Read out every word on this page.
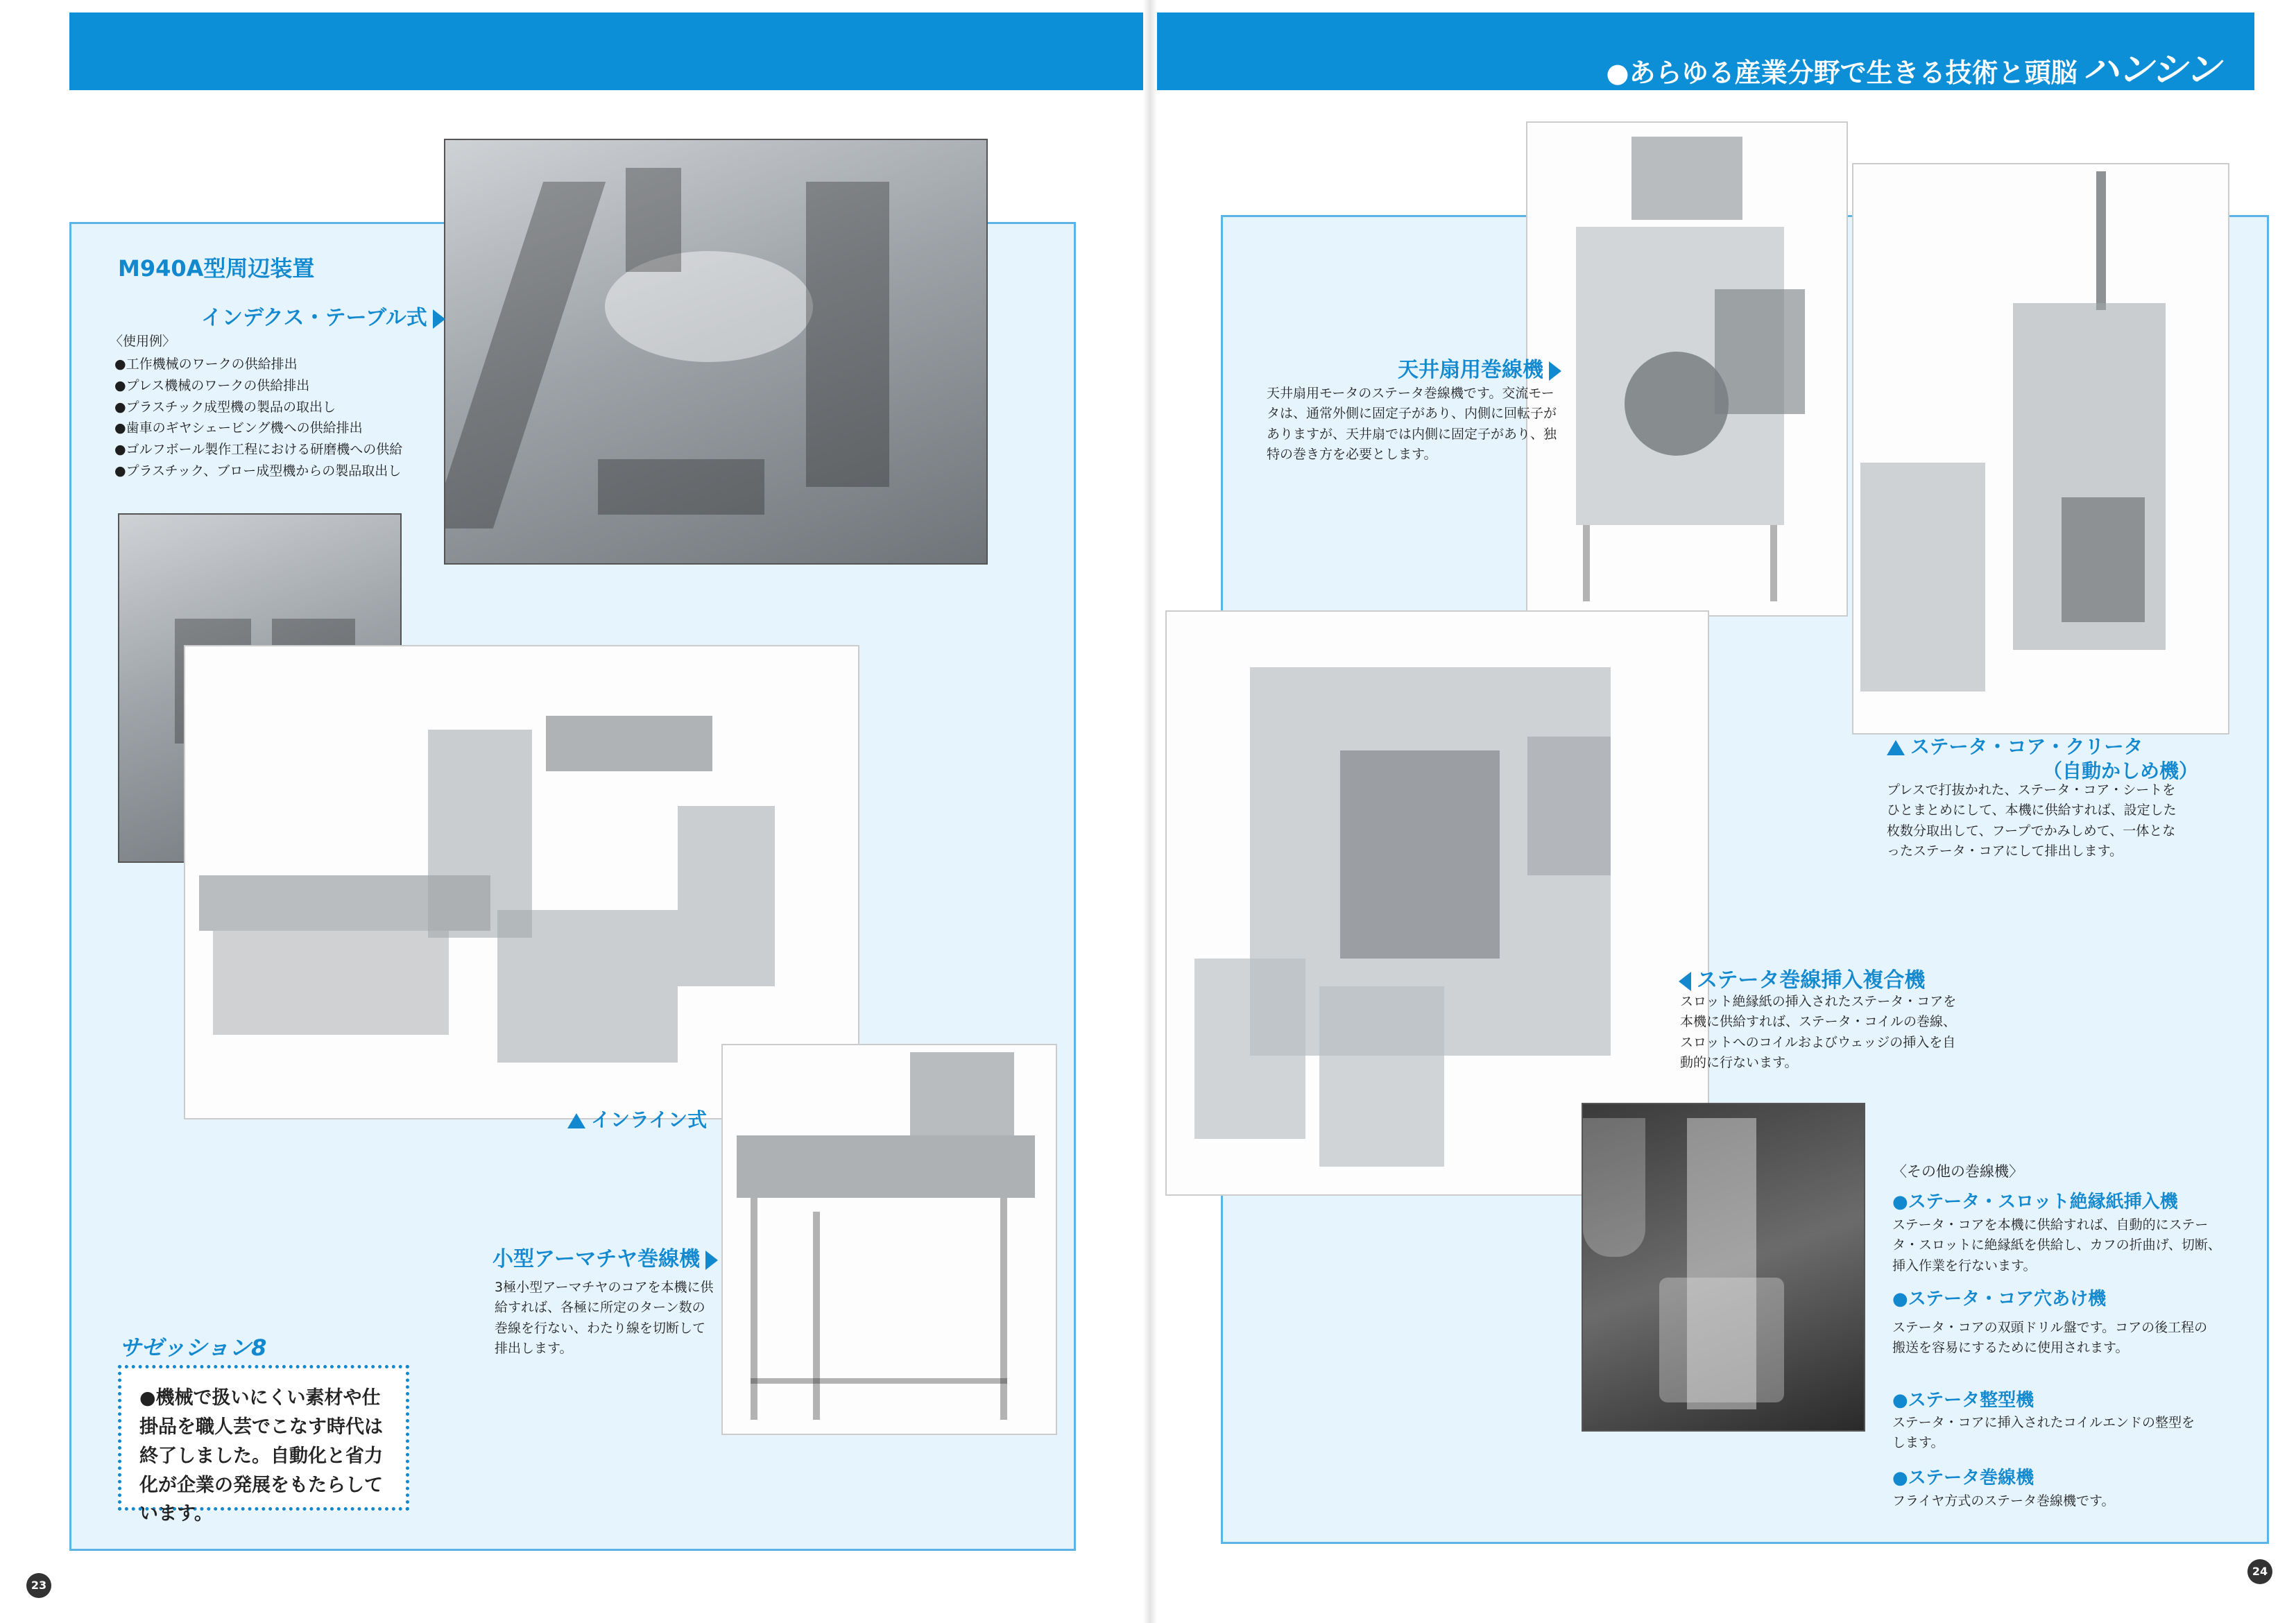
●あらゆる産業分野で生きる技術と頭脳 ハンシン
M940A型周辺装置
インデクス・テーブル式
〈使用例〉
●工作機械のワークの供給排出
●プレス機械のワークの供給排出
●プラスチック成型機の製品の取出し
●歯車のギヤシェービング機への供給排出
●ゴルフボール製作工程における研磨機への供給
●プラスチック、ブロー成型機からの製品取出し
インライン式
小型アーマチヤ巻線機
3極小型アーマチヤのコアを本機に供給すれば、各極に所定のターン数の巻線を行ない、わたり線を切断して排出します。
サゼッション8

●機械で扱いにくい素材や仕掛品を職人芸でこなす時代は終了しました。自動化と省力化が企業の発展をもたらしています。

23
天井扇用巻線機
天井扇用モータのステータ巻線機です。交流モータは、通常外側に固定子があり、内側に回転子がありますが、天井扇では内側に固定子があり、独特の巻き方を必要とします。
ステータ・コア・クリータ
（自動かしめ機）
プレスで打抜かれた、ステータ・コア・シートをひとまとめにして、本機に供給すれば、設定した枚数分取出して、フープでかみしめて、一体となったステータ・コアにして排出します。
ステータ巻線挿入複合機
スロット絶縁紙の挿入されたステータ・コアを本機に供給すれば、ステータ・コイルの巻線、スロットへのコイルおよびウェッジの挿入を自動的に行ないます。
〈その他の巻線機〉
●ステータ・スロット絶縁紙挿入機
ステータ・コアを本機に供給すれば、自動的にステータ・スロットに絶縁紙を供給し、カフの折曲げ、切断、挿入作業を行ないます。
●ステータ・コア穴あけ機
ステータ・コアの双頭ドリル盤です。コアの後工程の搬送を容易にするために使用されます。
●ステータ整型機
ステータ・コアに挿入されたコイルエンドの整型をします。
●ステータ巻線機
フライヤ方式のステータ巻線機です。
24
